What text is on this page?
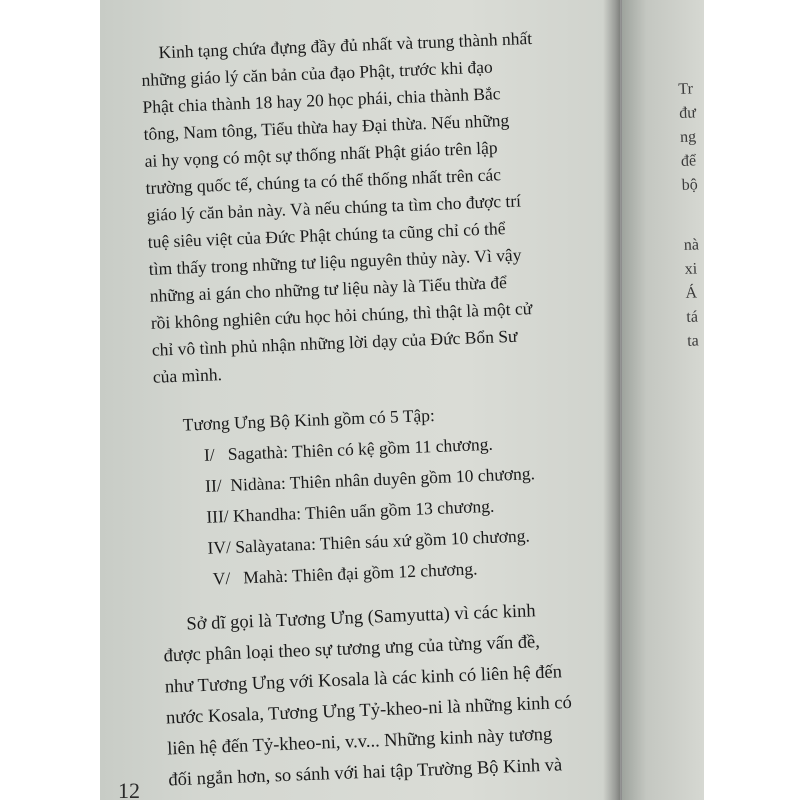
Kinh tạng chứa đựng đầy đủ nhất và trung thành nhất
những giáo lý căn bản của đạo Phật, trước khi đạo
Phật chia thành 18 hay 20 học phái, chia thành Bắc
tông, Nam tông, Tiểu thừa hay Đại thừa. Nếu những
ai hy vọng có một sự thống nhất Phật giáo trên lập
trường quốc tế, chúng ta có thể thống nhất trên các
giáo lý căn bản này. Và nếu chúng ta tìm cho được trí
tuệ siêu việt của Đức Phật chúng ta cũng chỉ có thể
tìm thấy trong những tư liệu nguyên thủy này. Vì vậy
những ai gán cho những tư liệu này là Tiểu thừa để
rồi không nghiên cứu học hỏi chúng, thì thật là một cử
chỉ vô tình phủ nhận những lời dạy của Đức Bổn Sư
của mình.
Tương Ưng Bộ Kinh gồm có 5 Tập:
I/   Sagathà: Thiên có kệ gồm 11 chương.
II/  Nidàna: Thiên nhân duyên gồm 10 chương.
III/ Khandha: Thiên uẩn gồm 13 chương.
IV/ Salàyatana: Thiên sáu xứ gồm 10 chương.
V/   Mahà: Thiên đại gồm 12 chương.
Sở dĩ gọi là Tương Ưng (Samyutta) vì các kinh
được phân loại theo sự tương ưng của từng vấn đề,
như Tương Ưng với Kosala là các kinh có liên hệ đến
nước Kosala, Tương Ưng Tỷ-kheo-ni là những kinh có
liên hệ đến Tỷ-kheo-ni, v.v... Những kinh này tương
đối ngắn hơn, so sánh với hai tập Trường Bộ Kinh và
12
Tr
đư
ng
để
bộ
nà
xi
Á
tá
ta
